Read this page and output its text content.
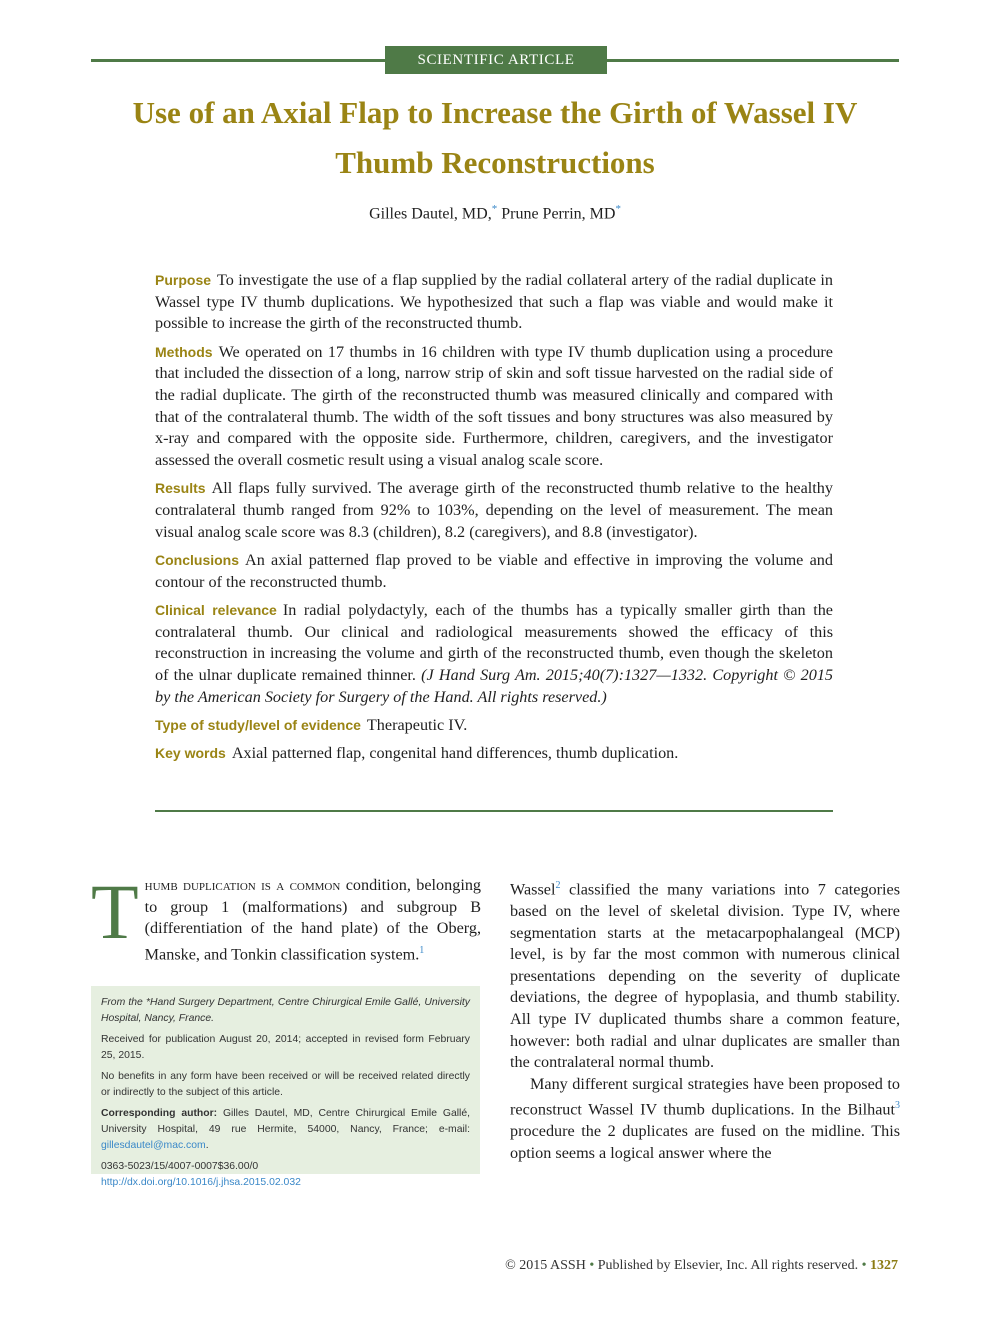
SCIENTIFIC ARTICLE
Use of an Axial Flap to Increase the Girth of Wassel IV Thumb Reconstructions
Gilles Dautel, MD,* Prune Perrin, MD*

Purpose To investigate the use of a flap supplied by the radial collateral artery of the radial duplicate in Wassel type IV thumb duplications. We hypothesized that such a flap was viable and would make it possible to increase the girth of the reconstructed thumb.

Methods We operated on 17 thumbs in 16 children with type IV thumb duplication using a procedure that included the dissection of a long, narrow strip of skin and soft tissue harvested on the radial side of the radial duplicate. The girth of the reconstructed thumb was measured clinically and compared with that of the contralateral thumb. The width of the soft tissues and bony structures was also measured by x-ray and compared with the opposite side. Furthermore, children, caregivers, and the investigator assessed the overall cosmetic result using a visual analog scale score.

Results All flaps fully survived. The average girth of the reconstructed thumb relative to the healthy contralateral thumb ranged from 92% to 103%, depending on the level of measurement. The mean visual analog scale score was 8.3 (children), 8.2 (caregivers), and 8.8 (investigator).

Conclusions An axial patterned flap proved to be viable and effective in improving the volume and contour of the reconstructed thumb.

Clinical relevance In radial polydactyly, each of the thumbs has a typically smaller girth than the contralateral thumb. Our clinical and radiological measurements showed the efficacy of this reconstruction in increasing the volume and girth of the reconstructed thumb, even though the skeleton of the ulnar duplicate remained thinner. (J Hand Surg Am. 2015;40(7):1327—1332. Copyright © 2015 by the American Society for Surgery of the Hand. All rights reserved.)

Type of study/level of evidence Therapeutic IV.

Key words Axial patterned flap, congenital hand differences, thumb duplication.

Thumb duplication is a common condition, belonging to group 1 (malformations) and subgroup B (differentiation of the hand plate) of the Oberg, Manske, and Tonkin classification system.$^1$

From the *Hand Surgery Department, Centre Chirurgical Emile Gallé, University Hospital, Nancy, France.

Received for publication August 20, 2014; accepted in revised form February 25, 2015.

No benefits in any form have been received or will be received related directly or indirectly to the subject of this article.

Corresponding author: Gilles Dautel, MD, Centre Chirurgical Emile Gallé, University Hospital, 49 rue Hermite, 54000, Nancy, France; e-mail: gillesdautel@mac.com.

0363-5023/15/4007-0007$36.00/0
http://dx.doi.org/10.1016/j.jhsa.2015.02.032

Wassel$^2$ classified the many variations into 7 categories based on the level of skeletal division. Type IV, where segmentation starts at the metacarpophalangeal (MCP) level, is by far the most common with numerous clinical presentations depending on the severity of duplicate deviations, the degree of hypoplasia, and thumb stability. All type IV duplicated thumbs share a common feature, however: both radial and ulnar duplicates are smaller than the contralateral normal thumb.

Many different surgical strategies have been proposed to reconstruct Wassel IV thumb duplications. In the Bilhaut$^3$ procedure the 2 duplicates are fused on the midline. This option seems a logical answer where the

© 2015 ASSH • Published by Elsevier, Inc. All rights reserved. • 1327
